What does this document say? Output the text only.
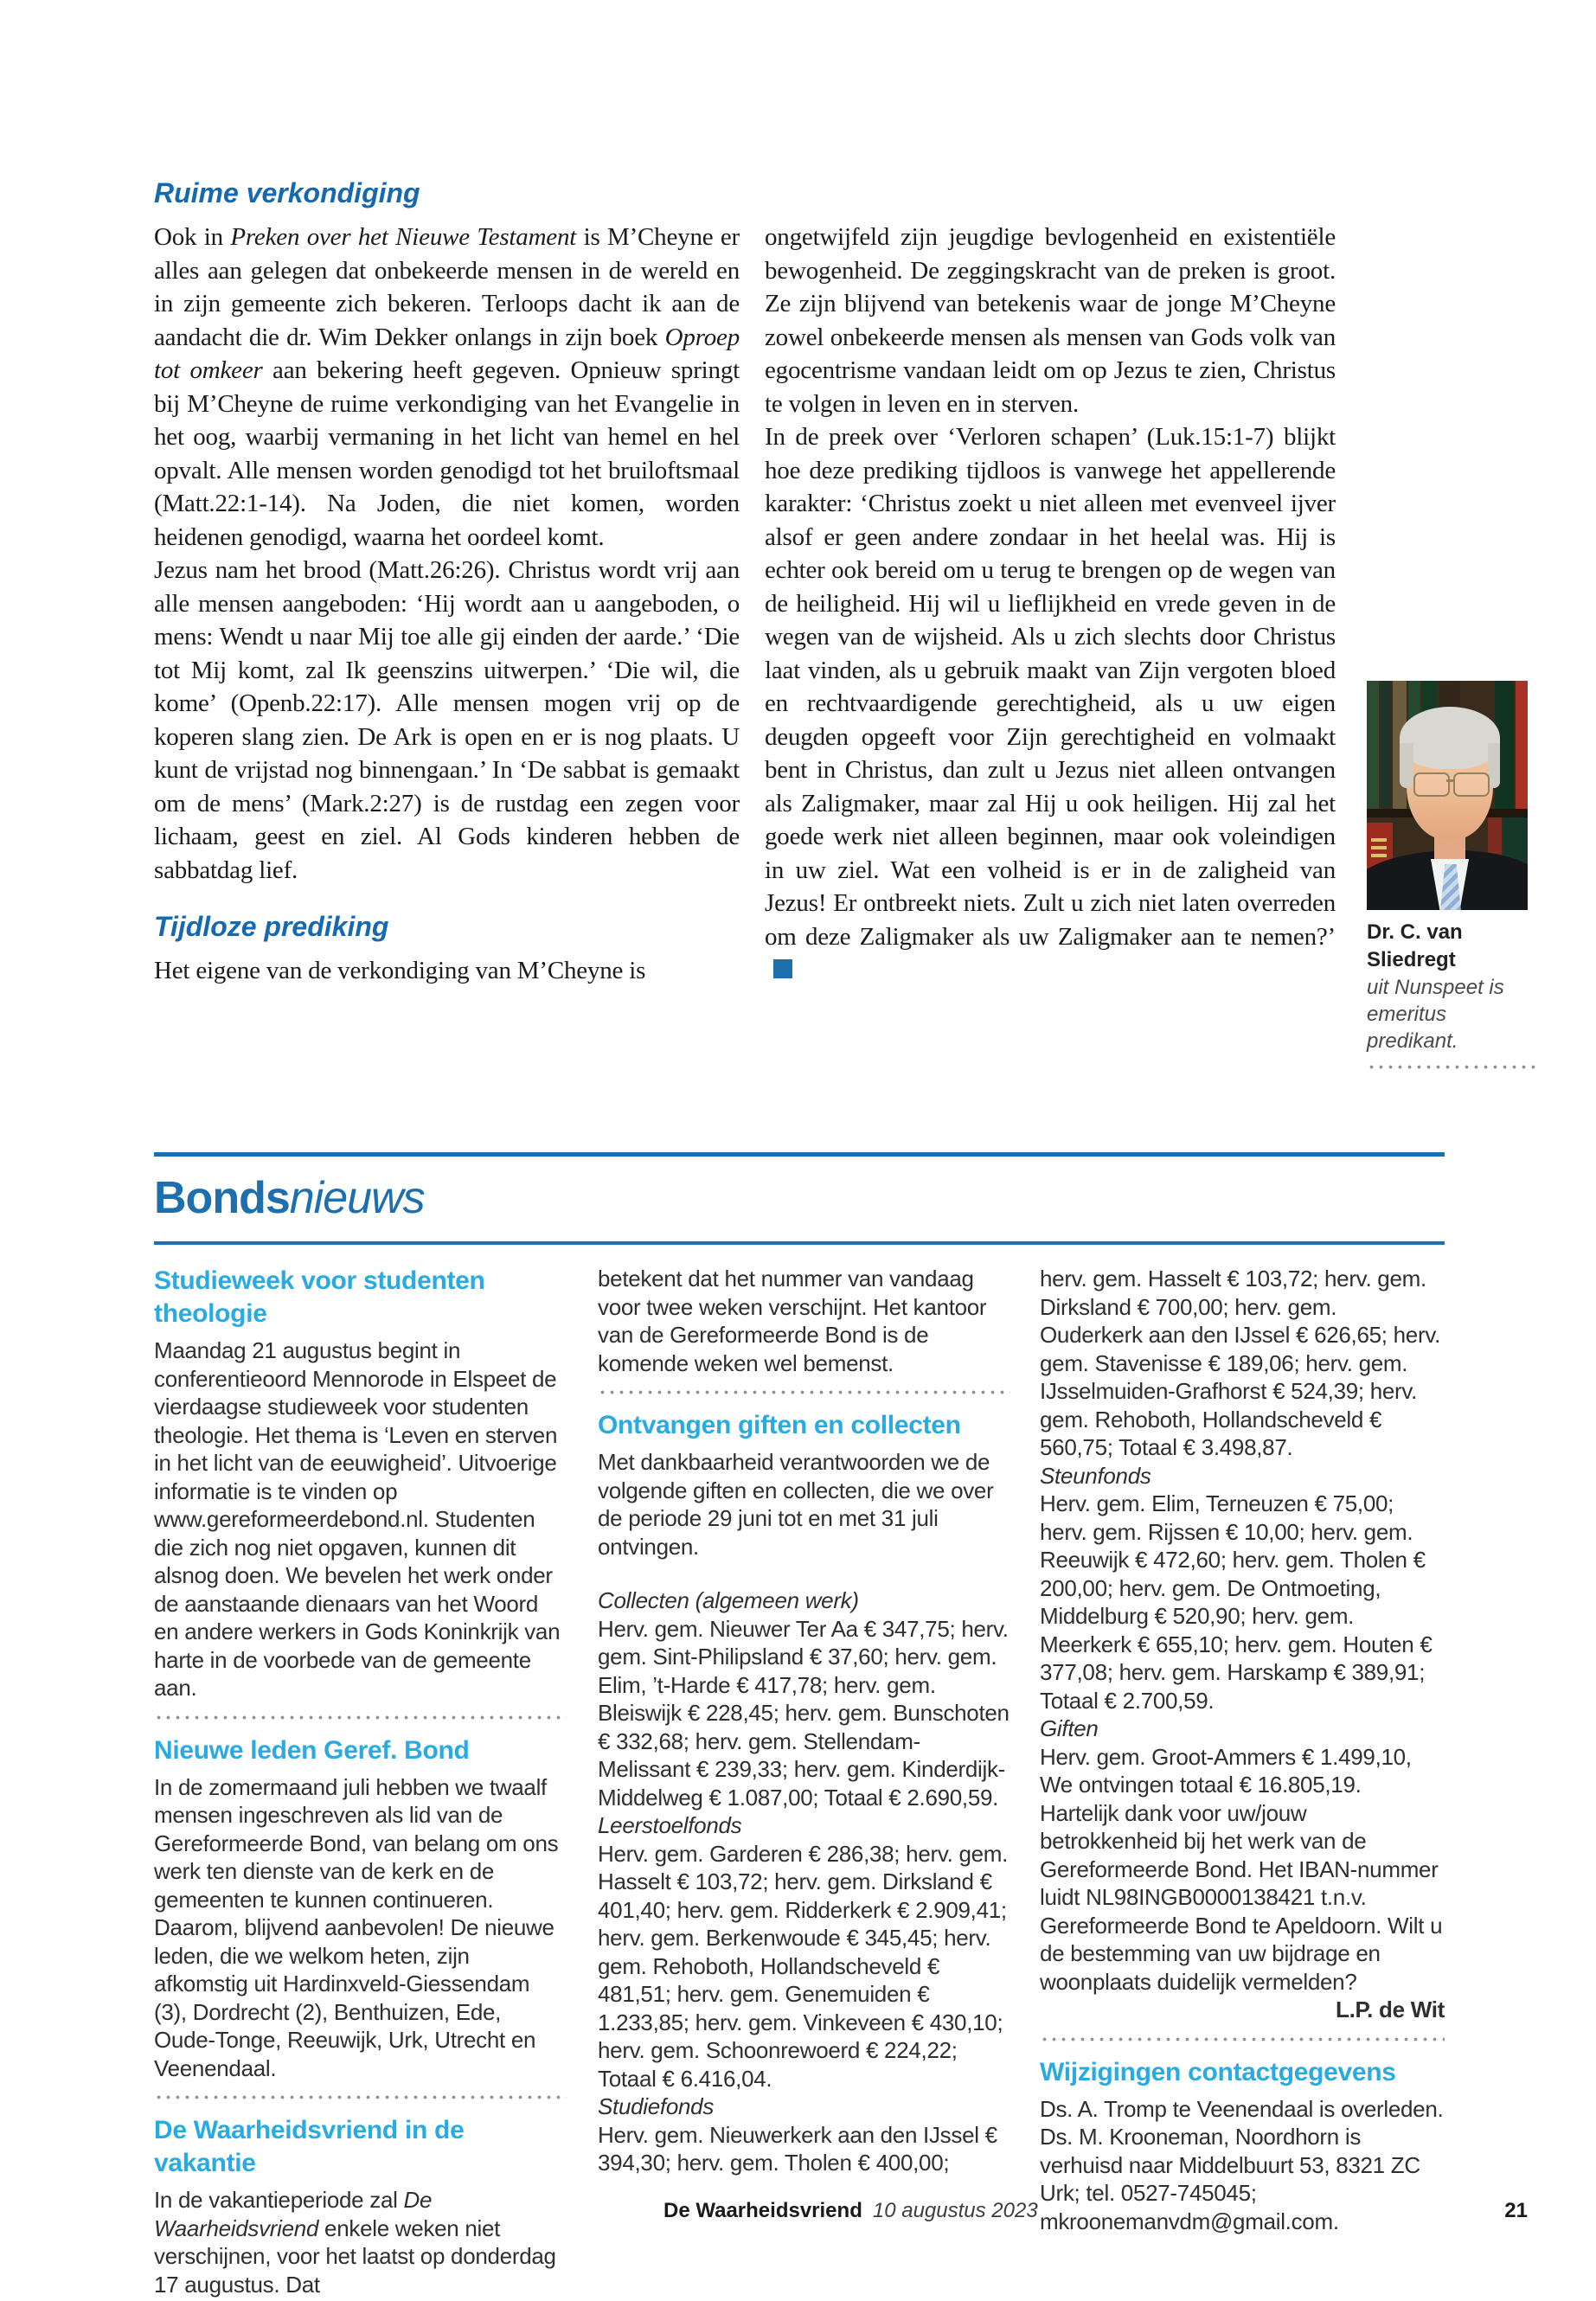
Ruime verkondiging

Ook in Preken over het Nieuwe Testament is M’Cheyne er alles aan gelegen dat onbekeerde mensen in de wereld en in zijn gemeente zich bekeren. Terloops dacht ik aan de aandacht die dr. Wim Dekker onlangs in zijn boek Oproep tot omkeer aan bekering heeft gegeven. Opnieuw springt bij M’Cheyne de ruime verkondiging van het Evangelie in het oog, waarbij vermaning in het licht van hemel en hel opvalt. Alle mensen worden genodigd tot het bruiloftsmaal (Matt.22:1-14). Na Joden, die niet komen, worden heidenen genodigd, waarna het oordeel komt.

Jezus nam het brood (Matt.26:26). Christus wordt vrij aan alle mensen aangeboden: ‘Hij wordt aan u aangeboden, o mens: Wendt u naar Mij toe alle gij einden der aarde.’ ‘Die tot Mij komt, zal Ik geenszins uitwerpen.’ ‘Die wil, die kome’ (Openb.22:17). Alle mensen mogen vrij op de koperen slang zien. De Ark is open en er is nog plaats. U kunt de vrijstad nog binnengaan.’ In ‘De sabbat is gemaakt om de mens’ (Mark.2:27) is de rustdag een zegen voor lichaam, geest en ziel. Al Gods kinderen hebben de sabbatdag lief.

Tijdloze prediking

Het eigene van de verkondiging van M’Cheyne is

ongetwijfeld zijn jeugdige bevlogenheid en existentiële bewogenheid. De zeggingskracht van de preken is groot. Ze zijn blijvend van betekenis waar de jonge M’Cheyne zowel onbekeerde mensen als mensen van Gods volk van egocentrisme vandaan leidt om op Jezus te zien, Christus te volgen in leven en in sterven.

In de preek over ‘Verloren schapen’ (Luk.15:1-7) blijkt hoe deze prediking tijdloos is vanwege het appellerende karakter: ‘Christus zoekt u niet alleen met evenveel ijver alsof er geen andere zondaar in het heelal was. Hij is echter ook bereid om u terug te brengen op de wegen van de heiligheid. Hij wil u lieflijkheid en vrede geven in de wegen van de wijsheid. Als u zich slechts door Christus laat vinden, als u gebruik maakt van Zijn vergoten bloed en rechtvaardigende gerechtigheid, als u uw eigen deugden opgeeft voor Zijn gerechtigheid en volmaakt bent in Christus, dan zult u Jezus niet alleen ontvangen als Zaligmaker, maar zal Hij u ook heiligen. Hij zal het goede werk niet alleen beginnen, maar ook voleindigen in uw ziel. Wat een volheid is er in de zaligheid van Jezus! Er ontbreekt niets. Zult u zich niet laten overreden om deze Zaligmaker als uw Zaligmaker aan te nemen?’ Dr. C. van Sliedregt
uit Nunspeet is emeritus predikant.
Bondsnieuws
Studieweek voor studenten theologie

Maandag 21 augustus begint in conferentieoord Mennorode in Elspeet de vierdaagse studieweek voor studenten theologie. Het thema is ‘Leven en sterven in het licht van de eeuwigheid’. Uitvoerige informatie is te vinden op www.gereformeerdebond.nl. Studenten die zich nog niet opgaven, kunnen dit alsnog doen. We bevelen het werk onder de aanstaande dienaars van het Woord en andere werkers in Gods Koninkrijk van harte in de voorbede van de gemeente aan.

Nieuwe leden Geref. Bond

In de zomermaand juli hebben we twaalf mensen ingeschreven als lid van de Gereformeerde Bond, van belang om ons werk ten dienste van de kerk en de gemeenten te kunnen continueren. Daarom, blijvend aanbevolen! De nieuwe leden, die we welkom heten, zijn afkomstig uit Hardinxveld-Giessendam (3), Dordrecht (2), Benthuizen, Ede, Oude-Tonge, Reeuwijk, Urk, Utrecht en Veenendaal.

De Waarheidsvriend in de vakantie

In de vakantieperiode zal De Waarheidsvriend enkele weken niet verschijnen, voor het laatst op donderdag 17 augustus. Dat

betekent dat het nummer van vandaag voor twee weken verschijnt. Het kantoor van de Gereformeerde Bond is de komende weken wel bemenst.

Ontvangen giften en collecten

Met dankbaarheid verantwoorden we de volgende giften en collecten, die we over de periode 29 juni tot en met 31 juli ontvingen.

Collecten (algemeen werk)

Herv. gem. Nieuwer Ter Aa € 347,75; herv. gem. Sint-Philipsland € 37,60; herv. gem. Elim, ’t-Harde € 417,78; herv. gem. Bleiswijk € 228,45; herv. gem. Bunschoten € 332,68; herv. gem. Stellendam-Melissant € 239,33; herv. gem. Kinderdijk-Middelweg € 1.087,00; Totaal € 2.690,59.

Leerstoelfonds

Herv. gem. Garderen € 286,38; herv. gem. Hasselt € 103,72; herv. gem. Dirksland € 401,40; herv. gem. Ridderkerk € 2.909,41; herv. gem. Berkenwoude € 345,45; herv. gem. Rehoboth, Hollandscheveld € 481,51; herv. gem. Genemuiden € 1.233,85; herv. gem. Vinkeveen € 430,10; herv. gem. Schoonrewoerd € 224,22; Totaal € 6.416,04.

Studiefonds

Herv. gem. Nieuwerkerk aan den IJssel € 394,30; herv. gem. Tholen € 400,00;

herv. gem. Hasselt € 103,72; herv. gem. Dirksland € 700,00; herv. gem. Ouderkerk aan den IJssel € 626,65; herv. gem. Stavenisse € 189,06; herv. gem. IJsselmuiden-Grafhorst € 524,39; herv. gem. Rehoboth, Hollandscheveld € 560,75; Totaal € 3.498,87.

Steunfonds

Herv. gem. Elim, Terneuzen € 75,00; herv. gem. Rijssen € 10,00; herv. gem. Reeuwijk € 472,60; herv. gem. Tholen € 200,00; herv. gem. De Ontmoeting, Middelburg € 520,90; herv. gem. Meerkerk € 655,10; herv. gem. Houten € 377,08; herv. gem. Harskamp € 389,91; Totaal € 2.700,59.

Giften

Herv. gem. Groot-Ammers € 1.499,10, We ontvingen totaal € 16.805,19. Hartelijk dank voor uw/jouw betrokkenheid bij het werk van de Gereformeerde Bond. Het IBAN-nummer luidt NL98INGB0000138421 t.n.v. Gereformeerde Bond te Apeldoorn. Wilt u de bestemming van uw bijdrage en woonplaats duidelijk vermelden?

L.P. de Wit

Wijzigingen contactgegevens

Ds. A. Tromp te Veenendaal is overleden. Ds. M. Krooneman, Noordhorn is verhuisd naar Middelbuurt 53, 8321 ZC Urk; tel. 0527-745045; mkroonemanvdm@gmail.com.

De Waarheidsvriend 10 augustus 2023	21
